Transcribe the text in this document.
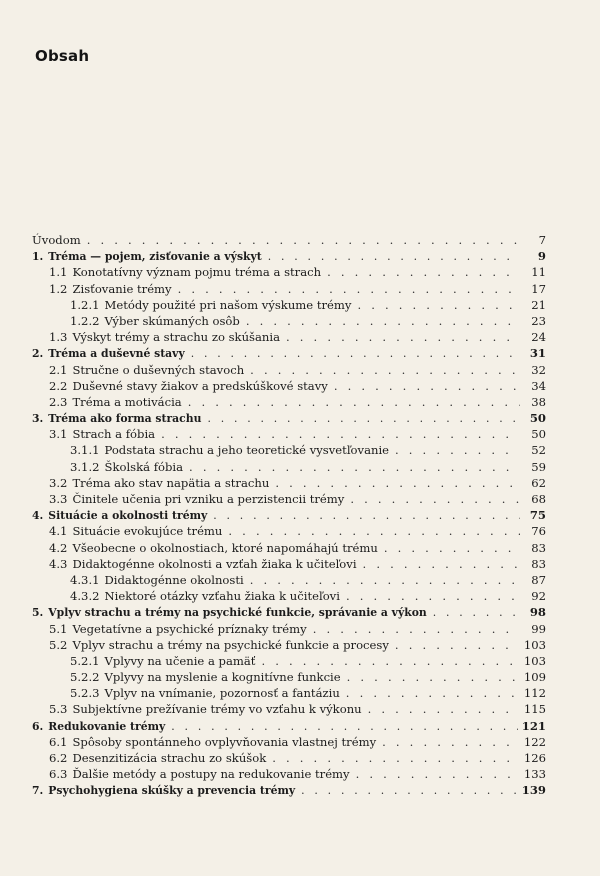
Obsah
Úvodom . . .	7
1. Tréma — pojem, zisťovanie a výskyt . . .	9
1.1 Konotatívny význam pojmu tréma a strach . . .	11
1.2 Zisťovanie trémy . . .	17
1.2.1 Metódy použité pri našom výskume trémy . . .	21
1.2.2 Výber skúmaných osôb . . .	23
1.3 Výskyt trémy a strachu zo skúšania . . .	24
2. Tréma a duševné stavy . . .	31
2.1 Stručne o duševných stavoch . . .	32
2.2 Duševné stavy žiakov a predskúškové stavy . . .	34
2.3 Tréma a motivácia . . .	38
3. Tréma ako forma strachu . . .	50
3.1 Strach a fóbia . . .	50
3.1.1 Podstata strachu a jeho teoretické vysvetľovanie . . .	52
3.1.2 Školská fóbia . . .	59
3.2 Tréma ako stav napätia a strachu . . .	62
3.3 Činitele učenia pri vzniku a perzistencii trémy . . .	68
4. Situácie a okolnosti trémy . . .	75
4.1 Situácie evokujúce trému . . .	76
4.2 Všeobecne o okolnostiach, ktoré napomáhajú trému . . .	83
4.3 Didaktogénne okolnosti a vzťah žiaka k učiteľovi . . .	83
4.3.1 Didaktogénne okolnosti . . .	87
4.3.2 Niektoré otázky vzťahu žiaka k učiteľovi . . .	92
5. Vplyv strachu a trémy na psychické funkcie, správanie a výkon . . .	98
5.1 Vegetatívne a psychické príznaky trémy . . .	99
5.2 Vplyv strachu a trémy na psychické funkcie a procesy . . .	103
5.2.1 Vplyvy na učenie a pamäť . . .	103
5.2.2 Vplyvy na myslenie a kognitívne funkcie . . .	109
5.2.3 Vplyv na vnímanie, pozornosť a fantáziu . . .	112
5.3 Subjektívne prežívanie trémy vo vzťahu k výkonu . . .	115
6. Redukovanie trémy . . .	121
6.1 Spôsoby spontánneho ovplyvňovania vlastnej trémy . . .	122
6.2 Desenzitizácia strachu zo skúšok . . .	126
6.3 Ďalšie metódy a postupy na redukovanie trémy . . .	133
7. Psychohygiena skúšky a prevencia trémy . . .	139
